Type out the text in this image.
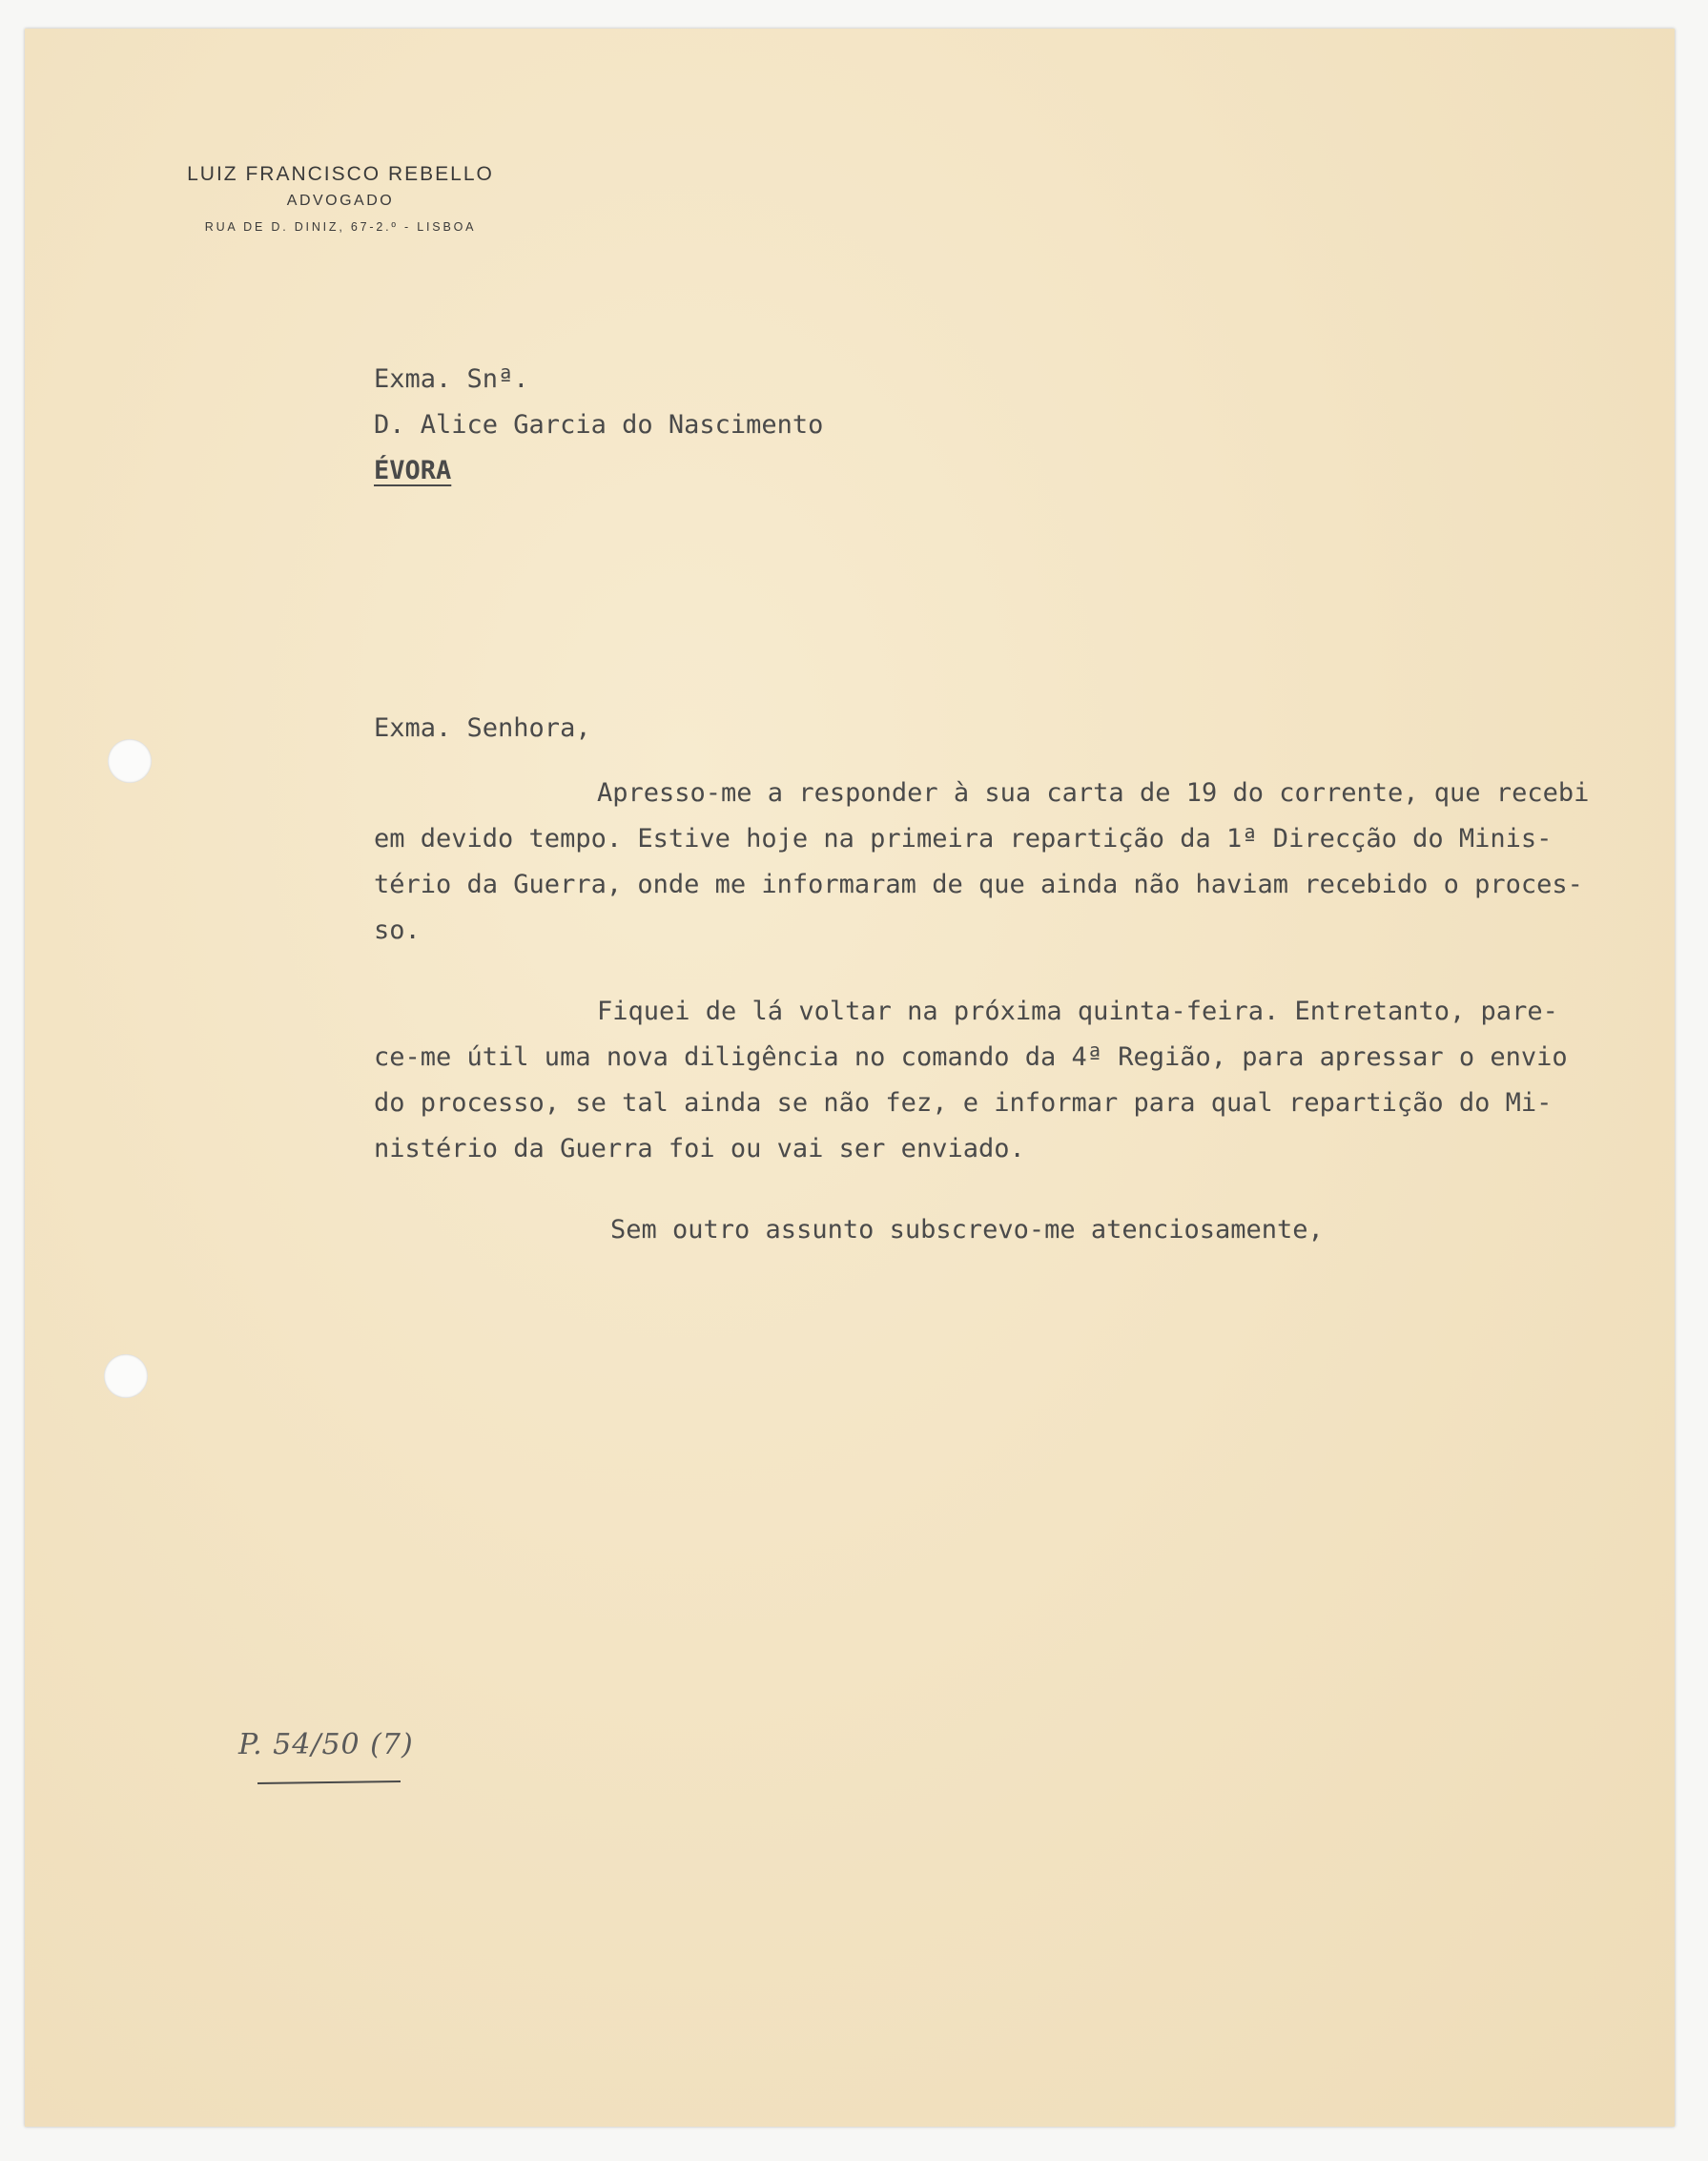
LUIZ FRANCISCO REBELLO
ADVOGADO
RUA DE D. DINIZ, 67-2.º - LISBOA
Exma. Snª.
D. Alice Garcia do Nascimento
ÉVORA
Exma. Senhora,
Apresso-me a responder à sua carta de 19 do corrente, que recebi
em devido tempo. Estive hoje na primeira repartição da 1ª Direcção do Minis-
tério da Guerra, onde me informaram de que ainda não haviam recebido o proces-
so.
Fiquei de lá voltar na próxima quinta-feira. Entretanto, pare-
ce-me útil uma nova diligência no comando da 4ª Região, para apressar o envio
do processo, se tal ainda se não fez, e informar para qual repartição do Mi-
nistério da Guerra foi ou vai ser enviado.
Sem outro assunto subscrevo-me atenciosamente,
P. 54/50 (7)
